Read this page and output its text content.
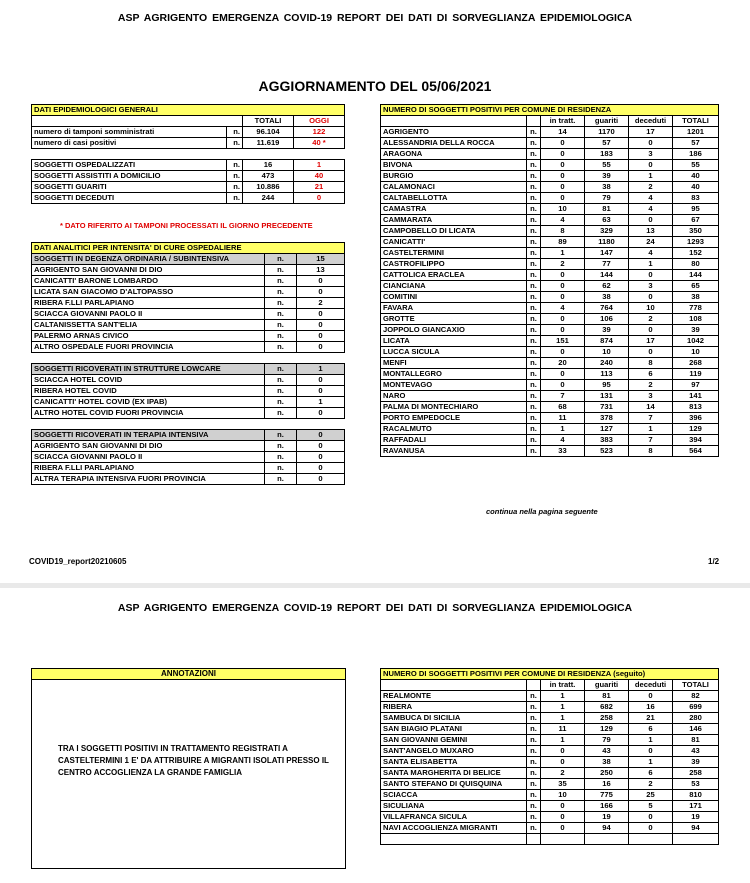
ASP AGRIGENTO EMERGENZA COVID-19 REPORT DEI DATI DI SORVEGLIANZA EPIDEMIOLOGICA
AGGIORNAMENTO DEL 05/06/2021
DATI EPIDEMIOLOGICI GENERALI			
		TOTALI	OGGI
numero di tamponi somministrati	n.	96.104	122
numero di casi positivi	n.	11.619	40 *

SOGGETTI OSPEDALIZZATI	n.	16	1
SOGGETTI ASSISTITI A DOMICILIO	n.	473	40
SOGGETTI GUARITI	n.	10.886	21
SOGGETTI DECEDUTI	n.	244	0
* DATO RIFERITO AI TAMPONI PROCESSATI IL GIORNO PRECEDENTE
DATI ANALITICI PER INTENSITA' DI CURE OSPEDALIERE		
SOGGETTI IN DEGENZA ORDINARIA / SUBINTENSIVA	n.	15
AGRIGENTO SAN GIOVANNI DI DIO	n.	13
CANICATTI' BARONE LOMBARDO	n.	0
LICATA SAN GIACOMO D'ALTOPASSO	n.	0
RIBERA F.LLI PARLAPIANO	n.	2
SCIACCA GIOVANNI PAOLO II	n.	0
CALTANISSETTA SANT'ELIA	n.	0
PALERMO ARNAS CIVICO	n.	0
ALTRO OSPEDALE FUORI PROVINCIA	n.	0

SOGGETTI RICOVERATI IN STRUTTURE LOWCARE	n.	1
SCIACCA HOTEL COVID	n.	0
RIBERA HOTEL COVID	n.	0
CANICATTI' HOTEL COVID (EX IPAB)	n.	1
ALTRO HOTEL COVID FUORI PROVINCIA	n.	0

SOGGETTI RICOVERATI IN TERAPIA INTENSIVA	n.	0
AGRIGENTO SAN GIOVANNI DI DIO	n.	0
SCIACCA GIOVANNI PAOLO II	n.	0
RIBERA F.LLI PARLAPIANO	n.	0
ALTRA TERAPIA INTENSIVA FUORI PROVINCIA	n.	0
NUMERO DI SOGGETTI POSITIVI PER COMUNE DI RESIDENZA					
		in tratt.	guariti	deceduti	TOTALI
AGRIGENTO	n.	14	1170	17	1201
ALESSANDRIA DELLA ROCCA	n.	0	57	0	57
ARAGONA	n.	0	183	3	186
BIVONA	n.	0	55	0	55
BURGIO	n.	0	39	1	40
CALAMONACI	n.	0	38	2	40
CALTABELLOTTA	n.	0	79	4	83
CAMASTRA	n.	10	81	4	95
CAMMARATA	n.	4	63	0	67
CAMPOBELLO DI LICATA	n.	8	329	13	350
CANICATTI'	n.	89	1180	24	1293
CASTELTERMINI	n.	1	147	4	152
CASTROFILIPPO	n.	2	77	1	80
CATTOLICA ERACLEA	n.	0	144	0	144
CIANCIANA	n.	0	62	3	65
COMITINI	n.	0	38	0	38
FAVARA	n.	4	764	10	778
GROTTE	n.	0	106	2	108
JOPPOLO GIANCAXIO	n.	0	39	0	39
LICATA	n.	151	874	17	1042
LUCCA SICULA	n.	0	10	0	10
MENFI	n.	20	240	8	268
MONTALLEGRO	n.	0	113	6	119
MONTEVAGO	n.	0	95	2	97
NARO	n.	7	131	3	141
PALMA DI MONTECHIARO	n.	68	731	14	813
PORTO EMPEDOCLE	n.	11	378	7	396
RACALMUTO	n.	1	127	1	129
RAFFADALI	n.	4	383	7	394
RAVANUSA	n.	33	523	8	564
continua nella pagina seguente
COVID19_report20210605	1/2
ASP AGRIGENTO EMERGENZA COVID-19 REPORT DEI DATI DI SORVEGLIANZA EPIDEMIOLOGICA
ANNOTAZIONI
TRA I SOGGETTI POSITIVI IN TRATTAMENTO REGISTRATI A
CASTELTERMINI 1 E' DA ATTRIBUIRE A MIGRANTI ISOLATI PRESSO IL
CENTRO ACCOGLIENZA LA GRANDE FAMIGLIA
NUMERO DI SOGGETTI POSITIVI PER COMUNE DI RESIDENZA (seguito)					
		in tratt.	guariti	deceduti	TOTALI
REALMONTE	n.	1	81	0	82
RIBERA	n.	1	682	16	699
SAMBUCA DI SICILIA	n.	1	258	21	280
SAN BIAGIO PLATANI	n.	11	129	6	146
SAN GIOVANNI GEMINI	n.	1	79	1	81
SANT'ANGELO MUXARO	n.	0	43	0	43
SANTA ELISABETTA	n.	0	38	1	39
SANTA MARGHERITA DI BELICE	n.	2	250	6	258
SANTO STEFANO DI QUISQUINA	n.	35	16	2	53
SCIACCA	n.	10	775	25	810
SICULIANA	n.	0	166	5	171
VILLAFRANCA SICULA	n.	0	19	0	19
NAVI ACCOGLIENZA MIGRANTI	n.	0	94	0	94
